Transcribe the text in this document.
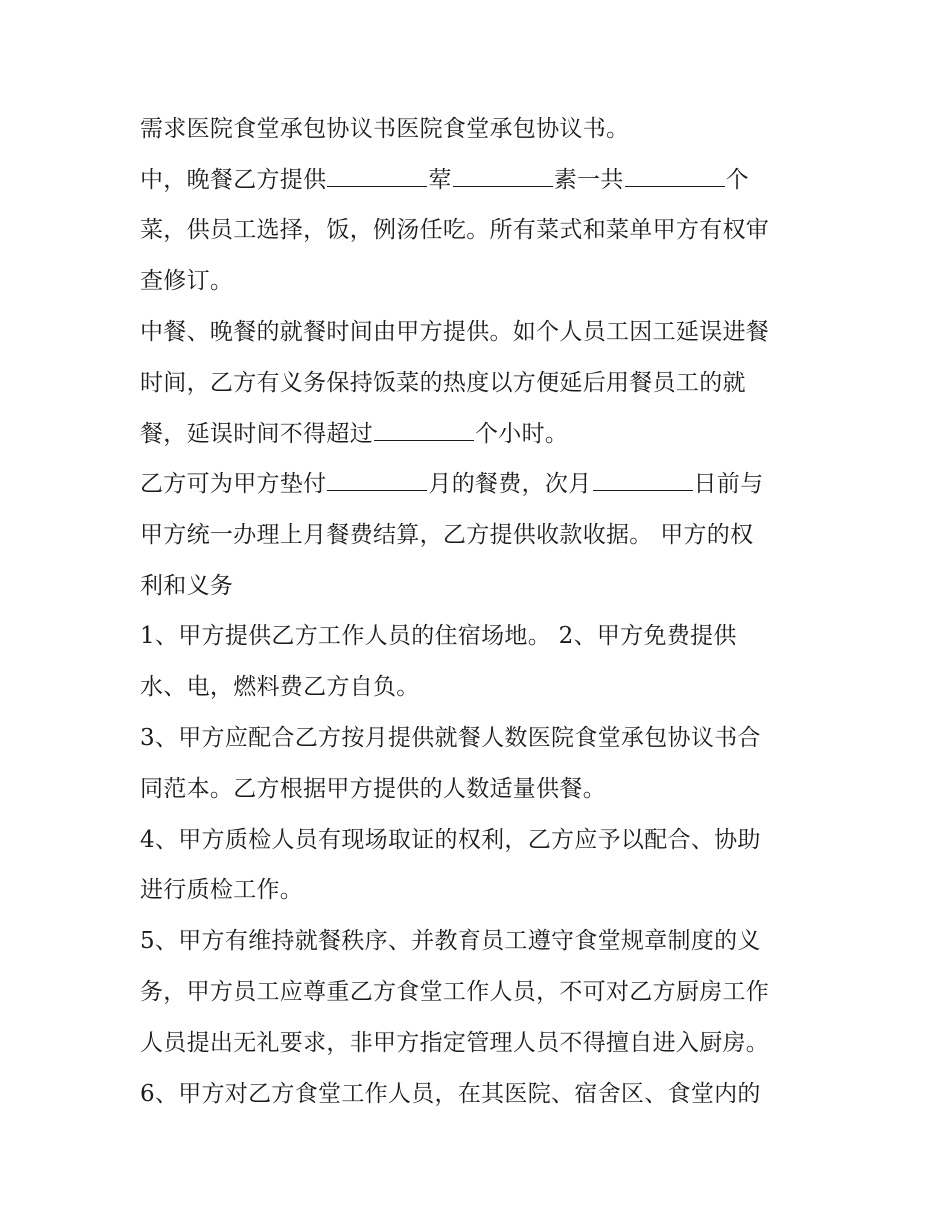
需求医院食堂承包协议书医院食堂承包协议书。
中，晚餐乙方提供	荤	素一共	个
菜，供员工选择，饭，例汤任吃。所有菜式和菜单甲方有权审
查修订。
中餐、晚餐的就餐时间由甲方提供。如个人员工因工延误进餐
时间，乙方有义务保持饭菜的热度以方便延后用餐员工的就
餐，延误时间不得超过	个小时。
乙方可为甲方垫付	月的餐费，次月	日前与
甲方统一办理上月餐费结算，乙方提供收款收据。 甲方的权
利和义务
1、甲方提供乙方工作人员的住宿场地。 2、甲方免费提供
水、电，燃料费乙方自负。
3、甲方应配合乙方按月提供就餐人数医院食堂承包协议书合
同范本。乙方根据甲方提供的人数适量供餐。
4、甲方质检人员有现场取证的权利，乙方应予以配合、协助
进行质检工作。
5、甲方有维持就餐秩序、并教育员工遵守食堂规章制度的义
务，甲方员工应尊重乙方食堂工作人员，不可对乙方厨房工作
人员提出无礼要求，非甲方指定管理人员不得擅自进入厨房。
6、甲方对乙方食堂工作人员，在其医院、宿舍区、食堂内的
